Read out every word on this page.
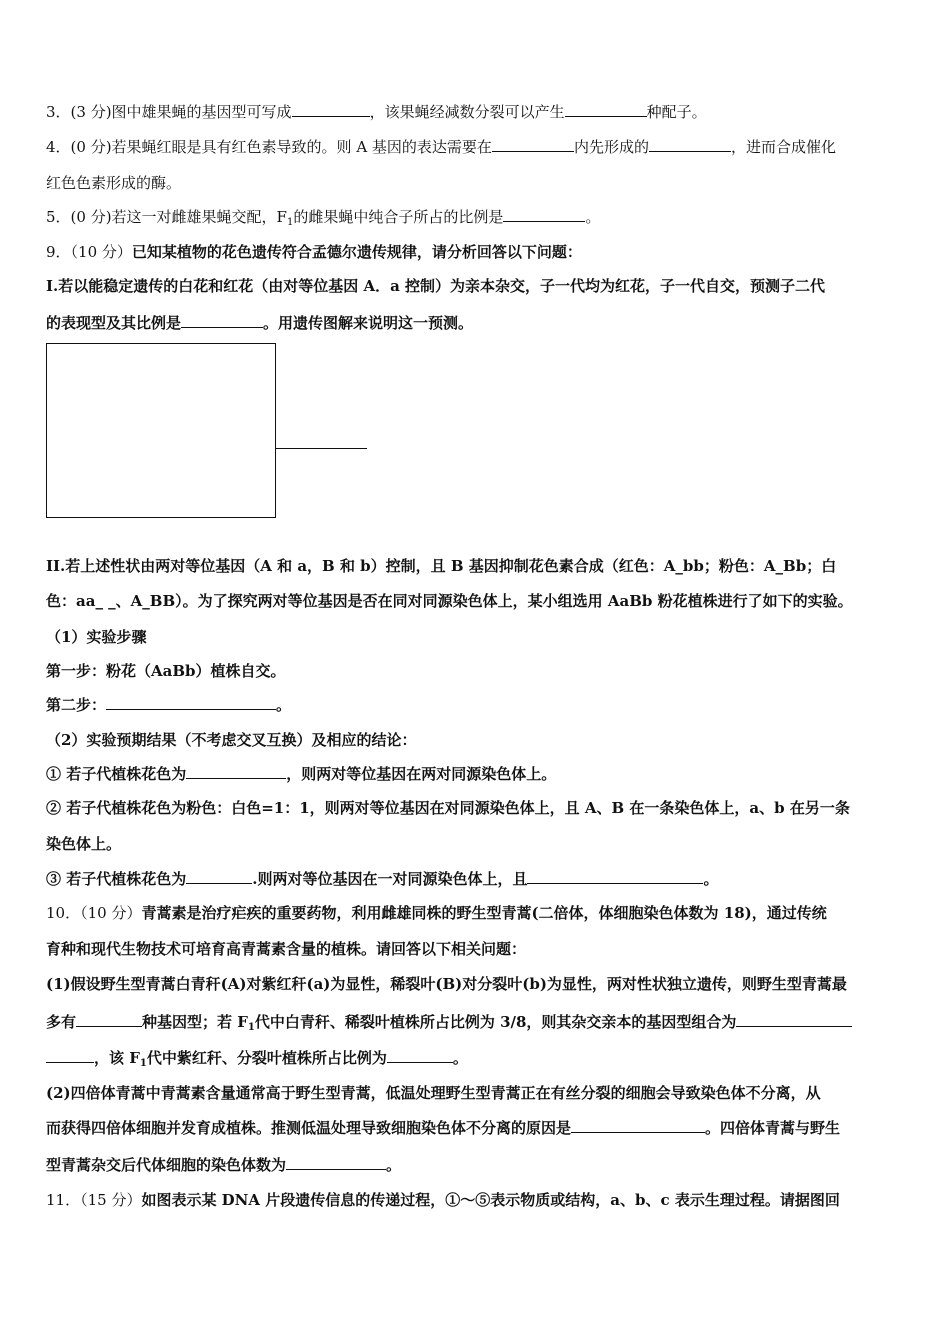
3．(3 分)图中雄果蝇的基因型可写成	，该果蝇经减数分裂可以产生	种配子。
4．(0 分)若果蝇红眼是具有红色素导致的。则 A 基因的表达需要在	内先形成的	，进而合成催化
红色色素形成的酶。
5．(0 分)若这一对雌雄果蝇交配，$F_1$的雌果蝇中纯合子所占的比例是	。
9．（10 分）已知某植物的花色遗传符合孟德尔遗传规律，请分析回答以下问题：
I.若以能稳定遗传的白花和红花（由对等位基因 A．a 控制）为亲本杂交，子一代均为红花，子一代自交，预测子二代
的表现型及其比例是	。用遗传图解来说明这一预测。
II.若上述性状由两对等位基因（A 和 a，B 和 b）控制，且 B 基因抑制花色素合成（红色：A_bb；粉色：A_Bb；白
色：aa_ _、A_BB）。为了探究两对等位基因是否在同对同源染色体上，某小组选用 AaBb 粉花植株进行了如下的实验。
（1）实验步骤
第一步：粉花（AaBb）植株自交。
第二步：	。
（2）实验预期结果（不考虑交叉互换）及相应的结论：
① 若子代植株花色为	，则两对等位基因在两对同源染色体上。
② 若子代植株花色为粉色：白色=1：1，则两对等位基因在对同源染色体上，且 A、B 在一条染色体上，a、b 在另一条
染色体上。
③ 若子代植株花色为	.则两对等位基因在一对同源染色体上，且	。
10．（10 分）青蒿素是治疗疟疾的重要药物，利用雌雄同株的野生型青蒿(二倍体，体细胞染色体数为 18)，通过传统
育种和现代生物技术可培育高青蒿素含量的植株。请回答以下相关问题：
(1)假设野生型青蒿白青秆(A)对紫红秆(a)为显性，稀裂叶(B)对分裂叶(b)为显性，两对性状独立遗传，则野生型青蒿最
多有	种基因型；若 $F_1$代中白青秆、稀裂叶植株所占比例为 3/8，则其杂交亲本的基因型组合为
，该 $F_1$代中紫红秆、分裂叶植株所占比例为	。
(2)四倍体青蒿中青蒿素含量通常高于野生型青蒿，低温处理野生型青蒿正在有丝分裂的细胞会导致染色体不分离，从
而获得四倍体细胞并发育成植株。推测低温处理导致细胞染色体不分离的原因是	。四倍体青蒿与野生
型青蒿杂交后代体细胞的染色体数为	。
11．（15 分）如图表示某 DNA 片段遗传信息的传递过程，①～⑤表示物质或结构，a、b、c 表示生理过程。请据图回
